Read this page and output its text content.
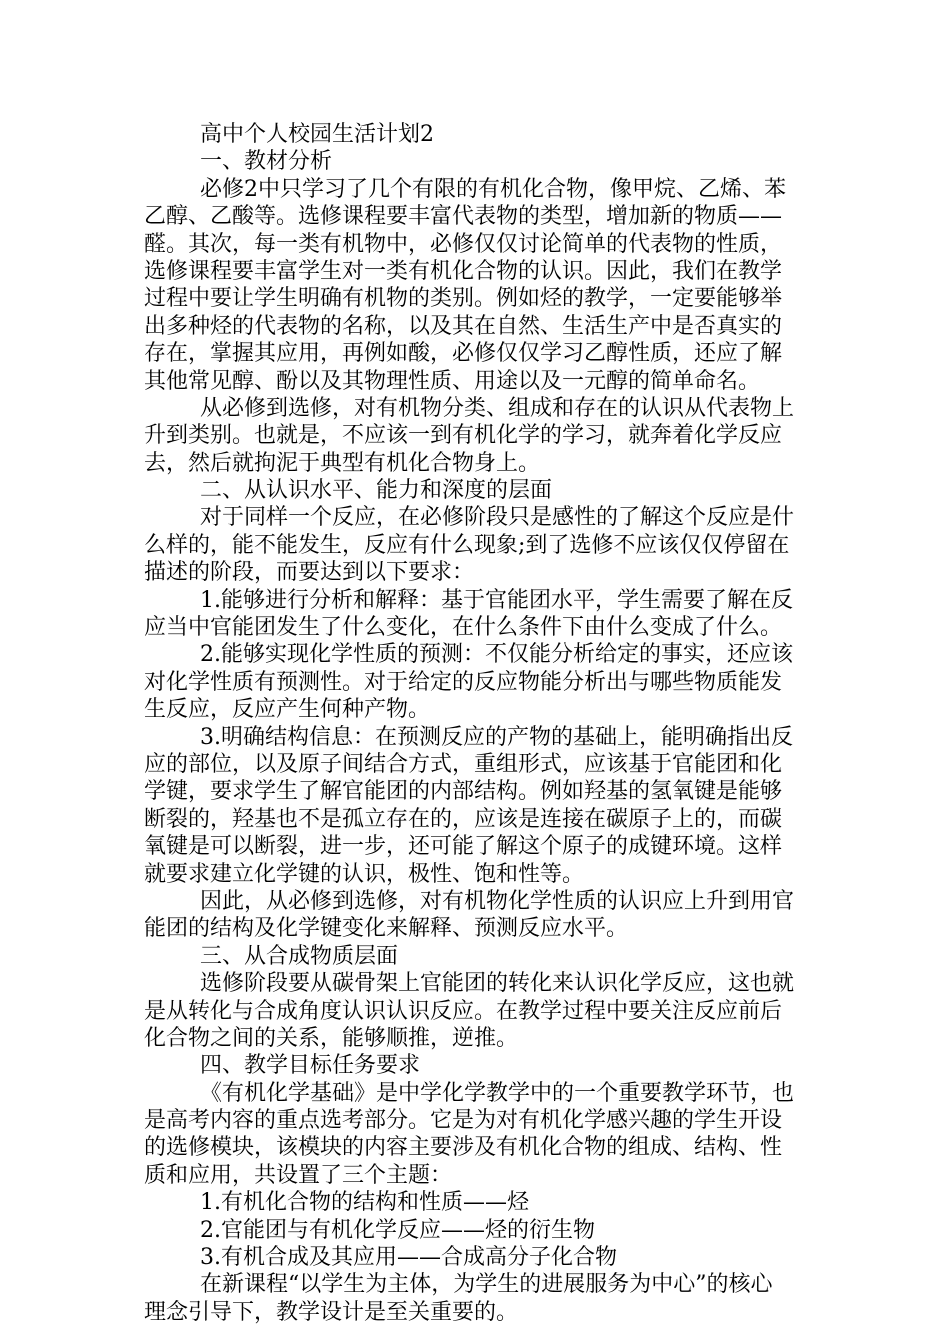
高中个人校园生活计划2
一、教材分析
必修2中只学习了几个有限的有机化合物，像甲烷、乙烯、苯
乙醇、乙酸等。选修课程要丰富代表物的类型，增加新的物质——
醛。其次，每一类有机物中，必修仅仅讨论简单的代表物的性质，
选修课程要丰富学生对一类有机化合物的认识。因此，我们在教学
过程中要让学生明确有机物的类别。例如烃的教学，一定要能够举
出多种烃的代表物的名称，以及其在自然、生活生产中是否真实的
存在，掌握其应用，再例如酸，必修仅仅学习乙醇性质，还应了解
其他常见醇、酚以及其物理性质、用途以及一元醇的简单命名。
从必修到选修，对有机物分类、组成和存在的认识从代表物上
升到类别。也就是，不应该一到有机化学的学习，就奔着化学反应
去，然后就拘泥于典型有机化合物身上。
二、从认识水平、能力和深度的层面
对于同样一个反应，在必修阶段只是感性的了解这个反应是什
么样的，能不能发生，反应有什么现象;到了选修不应该仅仅停留在
描述的阶段，而要达到以下要求：
1.能够进行分析和解释：基于官能团水平，学生需要了解在反
应当中官能团发生了什么变化，在什么条件下由什么变成了什么。
2.能够实现化学性质的预测：不仅能分析给定的事实，还应该
对化学性质有预测性。对于给定的反应物能分析出与哪些物质能发
生反应，反应产生何种产物。
3.明确结构信息：在预测反应的产物的基础上，能明确指出反
应的部位，以及原子间结合方式，重组形式，应该基于官能团和化
学键，要求学生了解官能团的内部结构。例如羟基的氢氧键是能够
断裂的，羟基也不是孤立存在的，应该是连接在碳原子上的，而碳
氧键是可以断裂，进一步，还可能了解这个原子的成键环境。这样
就要求建立化学键的认识，极性、饱和性等。
因此，从必修到选修，对有机物化学性质的认识应上升到用官
能团的结构及化学键变化来解释、预测反应水平。
三、从合成物质层面
选修阶段要从碳骨架上官能团的转化来认识化学反应，这也就
是从转化与合成角度认识认识反应。在教学过程中要关注反应前后
化合物之间的关系，能够顺推，逆推。
四、教学目标任务要求
《有机化学基础》是中学化学教学中的一个重要教学环节，也
是高考内容的重点选考部分。它是为对有机化学感兴趣的学生开设
的选修模块，该模块的内容主要涉及有机化合物的组成、结构、性
质和应用，共设置了三个主题：
1.有机化合物的结构和性质——烃
2.官能团与有机化学反应——烃的衍生物
3.有机合成及其应用——合成高分子化合物
在新课程“以学生为主体，为学生的进展服务为中心”的核心
理念引导下，教学设计是至关重要的。
